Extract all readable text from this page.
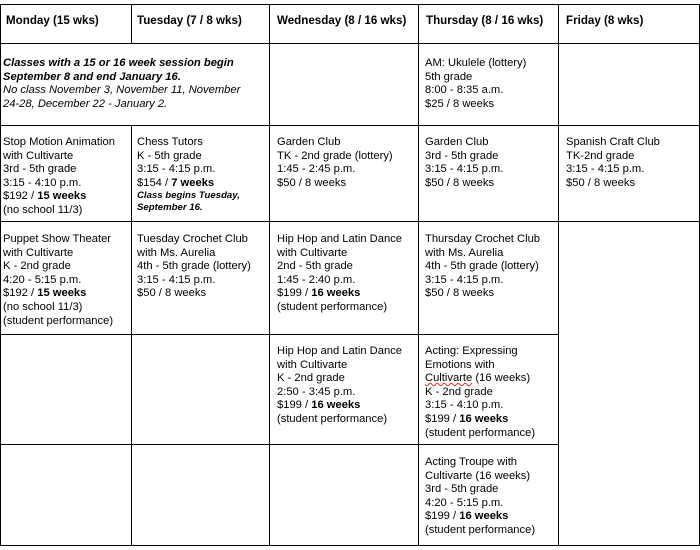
Monday (15 wks)	Tuesday (7 / 8 wks)	Wednesday (8 / 16 wks) Thursday (8 / 16 wks) Friday (8 wks)
Classes with a 15 or 16 week session begin
September 8 and end January 16.
No class November 3, November 11, November
24-28, December 22 - January 2.
AM: Ukulele (lottery)
5th grade
8:00 - 8:35 a.m.
$25 / 8 weeks
Stop Motion Animation
with Cultivarte
3rd - 5th grade
3:15 - 4:10 p.m.
$192 / 15 weeks
(no school 11/3)
Chess Tutors
K - 5th grade
3:15 - 4:15 p.m.
$154 / 7 weeks
Class begins Tuesday,
September 16.
Garden Club
TK - 2nd grade (lottery)
1:45 - 2:45 p.m.
$50 / 8 weeks
Garden Club
3rd - 5th grade
3:15 - 4:15 p.m.
$50 / 8 weeks
Spanish Craft Club
TK-2nd grade
3:15 - 4:15 p.m.
$50 / 8 weeks
Puppet Show Theater
with Cultivarte
K - 2nd grade
4:20 - 5:15 p.m.
$192 / 15 weeks
(no school 11/3)
(student performance)
Tuesday Crochet Club
with Ms. Aurelia
4th - 5th grade (lottery)
3:15 - 4:15 p.m.
$50 / 8 weeks
Hip Hop and Latin Dance
with Cultivarte
2nd - 5th grade
1:45 - 2:40 p.m.
$199 / 16 weeks
(student performance)
Thursday Crochet Club
with Ms. Aurelia
4th - 5th grade (lottery)
3:15 - 4:15 p.m.
$50 / 8 weeks
Hip Hop and Latin Dance
with Cultivarte
K - 2nd grade
2:50 - 3:45 p.m.
$199 / 16 weeks
(student performance)
Acting: Expressing
Emotions with
Cultivarte (16 weeks)
K - 2nd grade
3:15 - 4:10 p.m.
$199 / 16 weeks
(student performance)
Acting Troupe with
Cultivarte (16 weeks)
3rd - 5th grade
4:20 - 5:15 p.m.
$199 / 16 weeks
(student performance)
